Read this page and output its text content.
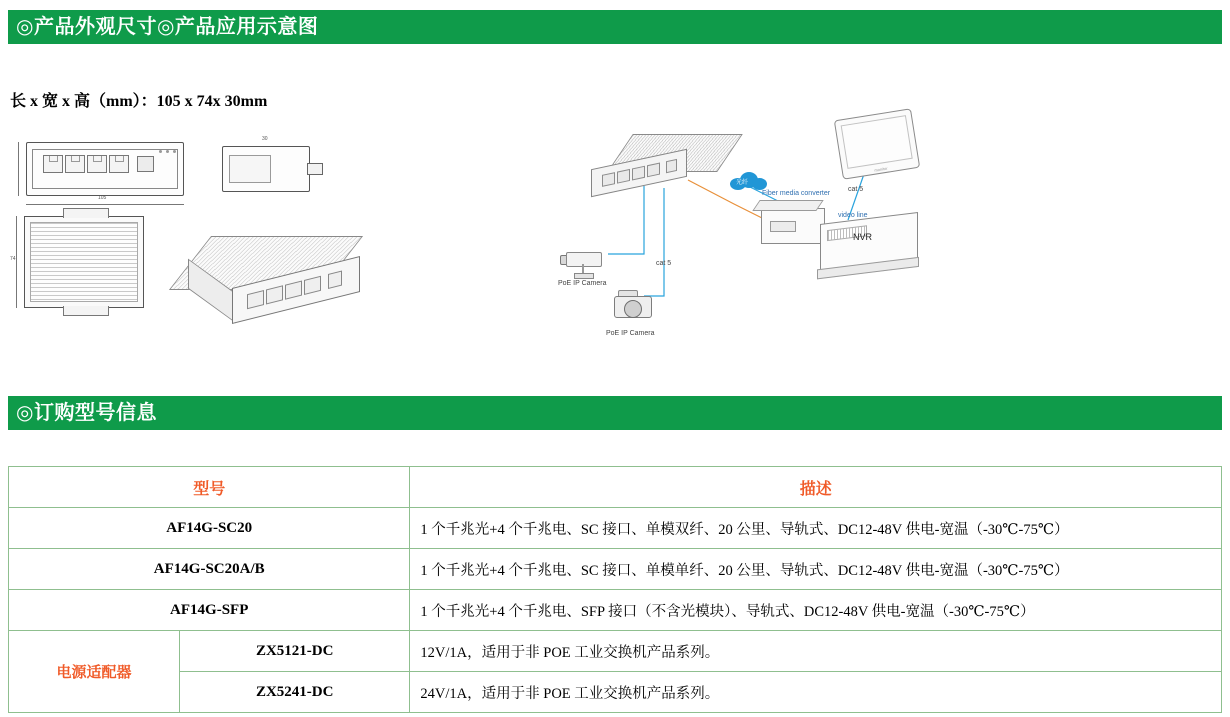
◎产品外观尺寸◎产品应用示意图
长 x 宽 x 高（mm）：105 x 74x 30mm
105
30
74
光纤
Fiber media converter
NVR
monitor
PoE IP Camera
PoE IP Camera
cat 5
cat 5
video line
◎订购型号信息
型号		描述
AF14G-SC20		1 个千兆光+4 个千兆电、SC 接口、单模双纤、20 公里、导轨式、DC12-48V 供电-宽温（-30℃-75℃）
AF14G-SC20A/B		1 个千兆光+4 个千兆电、SC 接口、单模单纤、20 公里、导轨式、DC12-48V 供电-宽温（-30℃-75℃）
AF14G-SFP		1 个千兆光+4 个千兆电、SFP 接口（不含光模块）、导轨式、DC12-48V 供电-宽温（-30℃-75℃）
电源适配器	ZX5121-DC	12V/1A，适用于非 POE 工业交换机产品系列。
	ZX5241-DC	24V/1A，适用于非 POE 工业交换机产品系列。
